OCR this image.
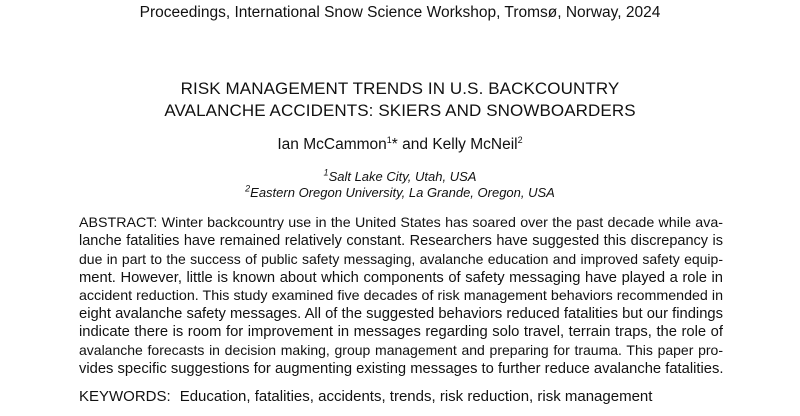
Proceedings, International Snow Science Workshop, Tromsø, Norway, 2024
RISK MANAGEMENT TRENDS IN U.S. BACKCOUNTRY
AVALANCHE ACCIDENTS: SKIERS AND SNOWBOARDERS
Ian McCammon$^1$* and Kelly McNeil$^2$
$^1$Salt Lake City, Utah, USA
$^2$Eastern Oregon University, La Grande, Oregon, USA
ABSTRACT: Winter backcountry use in the United States has soared over the past decade while ava-
lanche fatalities have remained relatively constant. Researchers have suggested this discrepancy is
due in part to the success of public safety messaging, avalanche education and improved safety equip-
ment. However, little is known about which components of safety messaging have played a role in
accident reduction. This study examined five decades of risk management behaviors recommended in
eight avalanche safety messages. All of the suggested behaviors reduced fatalities but our findings
indicate there is room for improvement in messages regarding solo travel, terrain traps, the role of
avalanche forecasts in decision making, group management and preparing for trauma. This paper pro-
vides specific suggestions for augmenting existing messages to further reduce avalanche fatalities.
KEYWORDS: Education, fatalities, accidents, trends, risk reduction, risk management
